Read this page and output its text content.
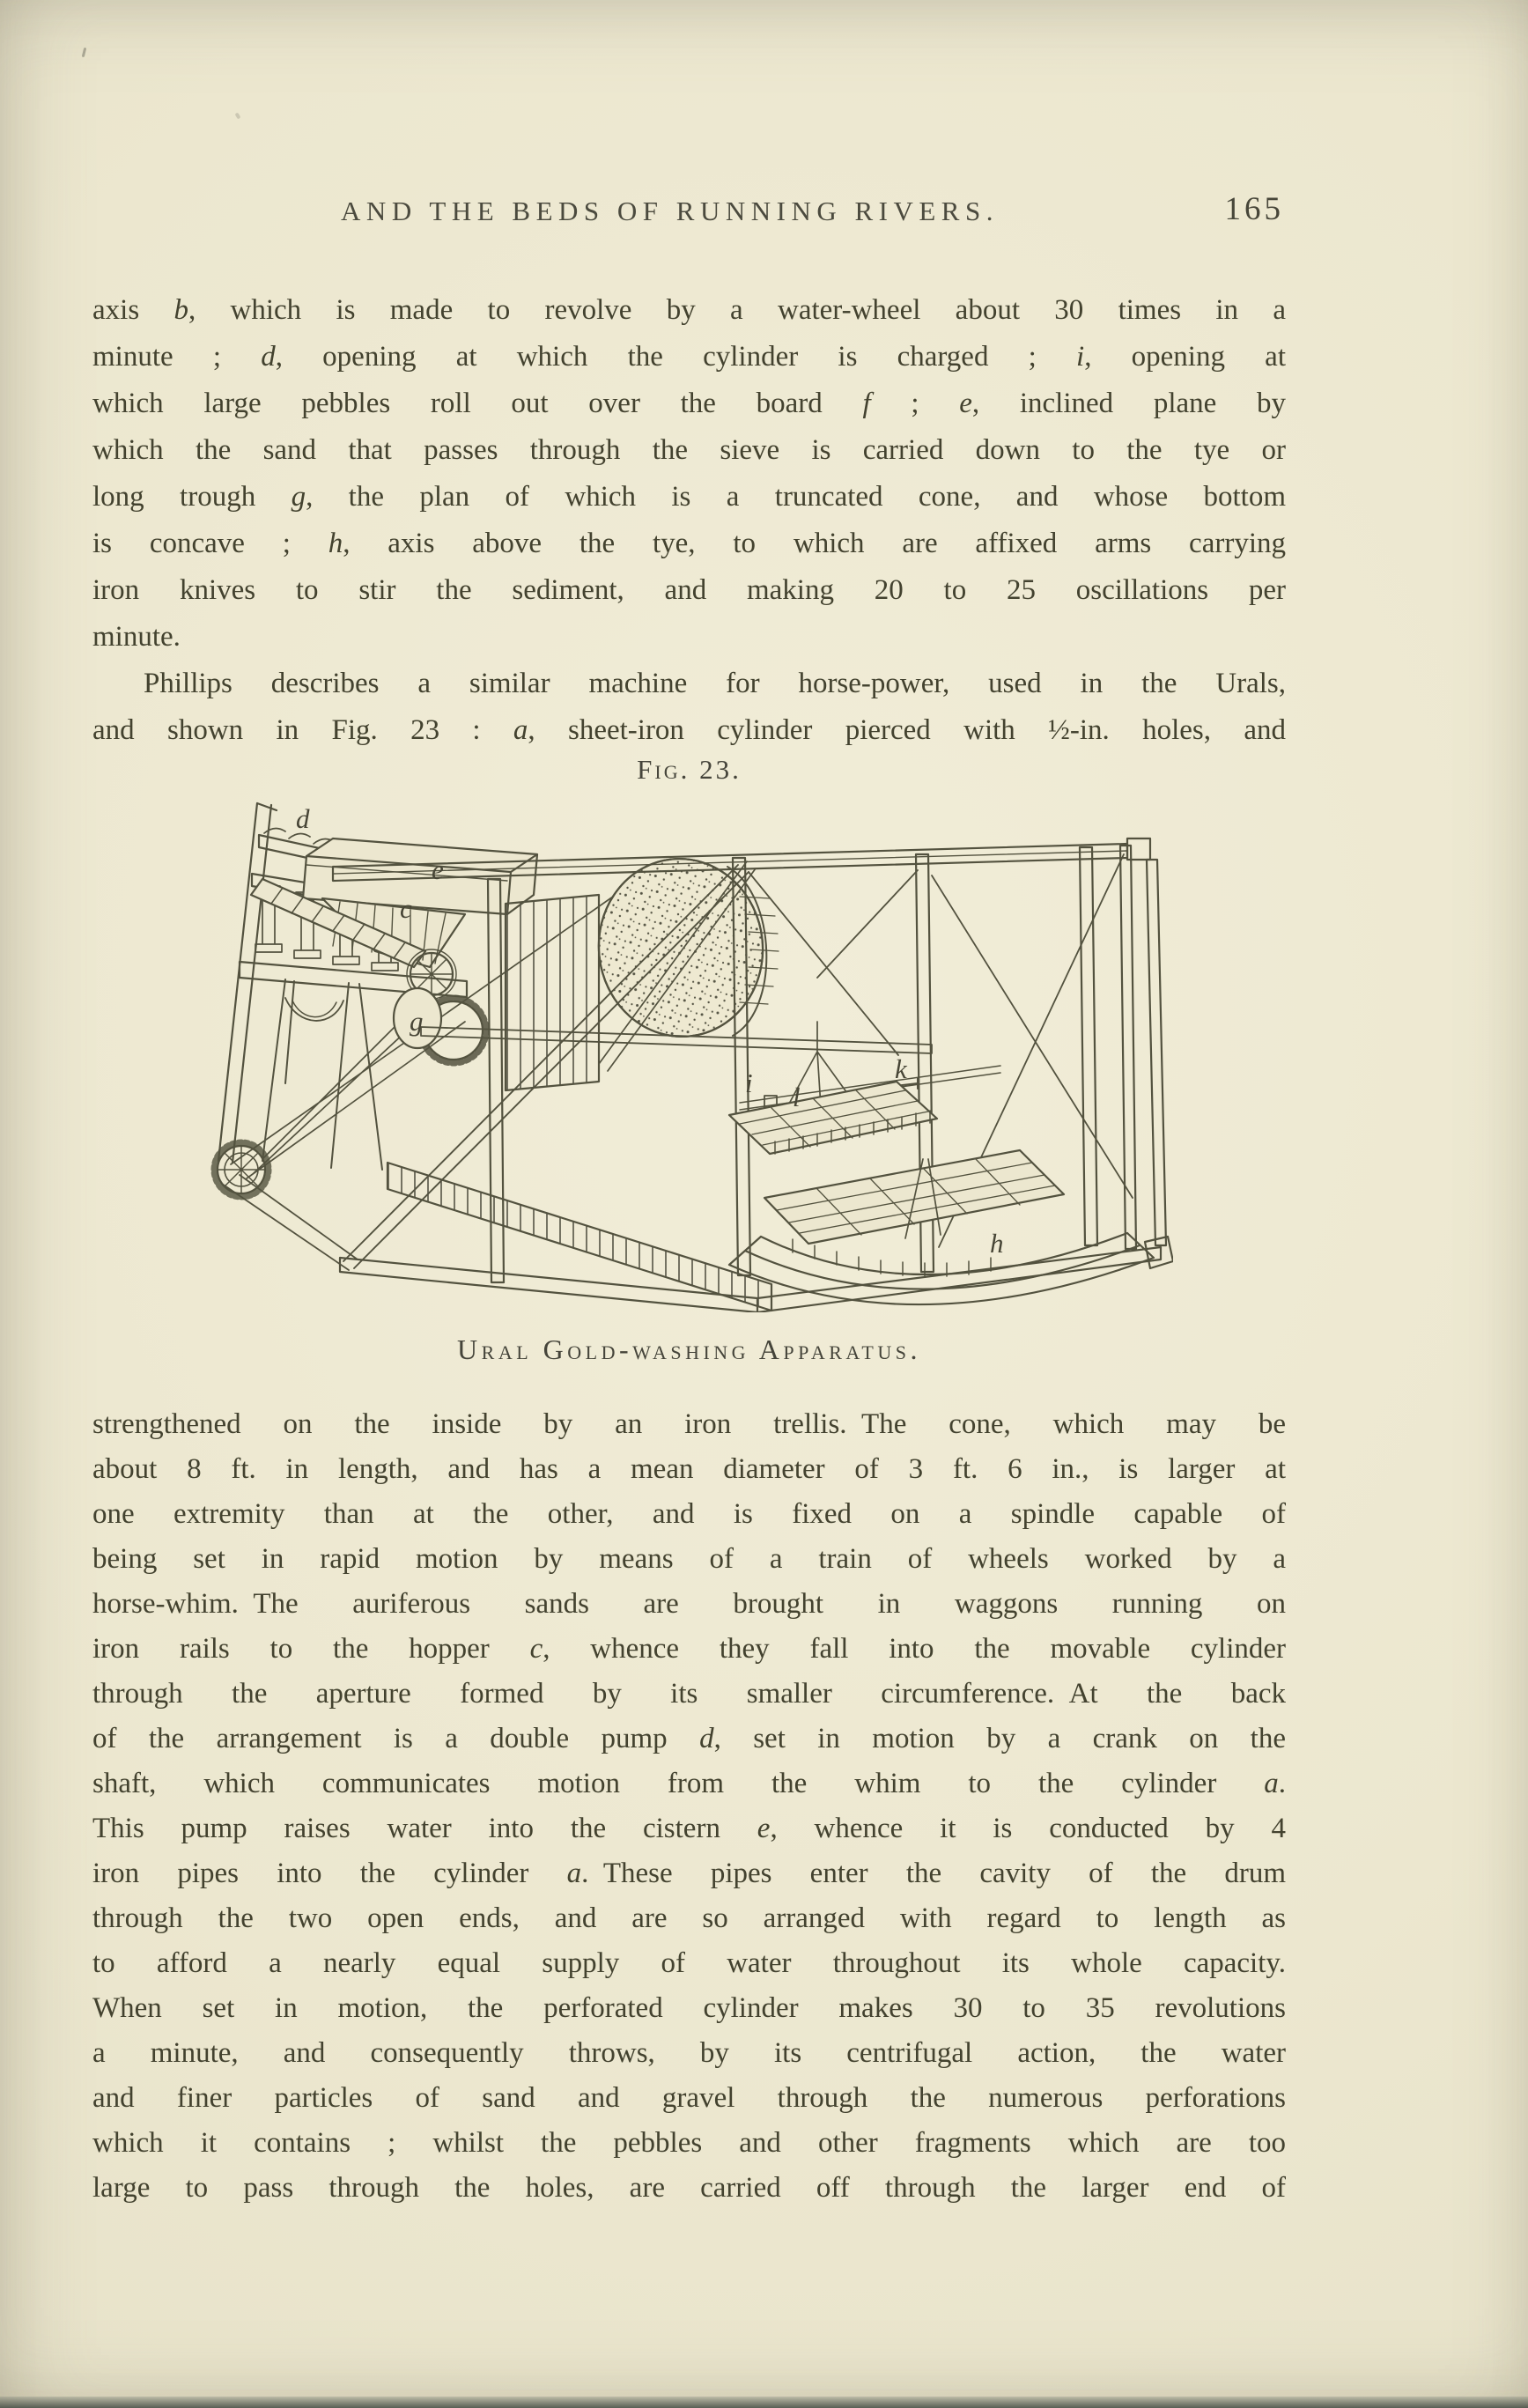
AND THE BEDS OF RUNNING RIVERS.	165
axis b, which is made to revolve by a water-wheel about 30 times in a
minute ; d, opening at which the cylinder is charged ; i, opening at
which large pebbles roll out over the board f ; e, inclined plane by
which the sand that passes through the sieve is carried down to the tye or
long trough g, the plan of which is a truncated cone, and whose bottom
is concave ; h, axis above the tye, to which are affixed arms carrying
iron knives to stir the sediment, and making 20 to 25 oscillations per
minute.
Phillips describes a similar machine for horse-power, used in the Urals,
and shown in Fig. 23 : a, sheet-iron cylinder pierced with ½-in. holes, and
Fig. 23.
d
e
c
g
i l
k
h
Ural Gold-washing Apparatus.
strengthened on the inside by an iron trellis. The cone, which may be
about 8 ft. in length, and has a mean diameter of 3 ft. 6 in., is larger at
one extremity than at the other, and is fixed on a spindle capable of
being set in rapid motion by means of a train of wheels worked by a
horse-whim. The auriferous sands are brought in waggons running on
iron rails to the hopper c, whence they fall into the movable cylinder
through the aperture formed by its smaller circumference. At the back
of the arrangement is a double pump d, set in motion by a crank on the
shaft, which communicates motion from the whim to the cylinder a.
This pump raises water into the cistern e, whence it is conducted by 4
iron pipes into the cylinder a. These pipes enter the cavity of the drum
through the two open ends, and are so arranged with regard to length as
to afford a nearly equal supply of water throughout its whole capacity.
When set in motion, the perforated cylinder makes 30 to 35 revolutions
a minute, and consequently throws, by its centrifugal action, the water
and finer particles of sand and gravel through the numerous perforations
which it contains ; whilst the pebbles and other fragments which are too
large to pass through the holes, are carried off through the larger end of
